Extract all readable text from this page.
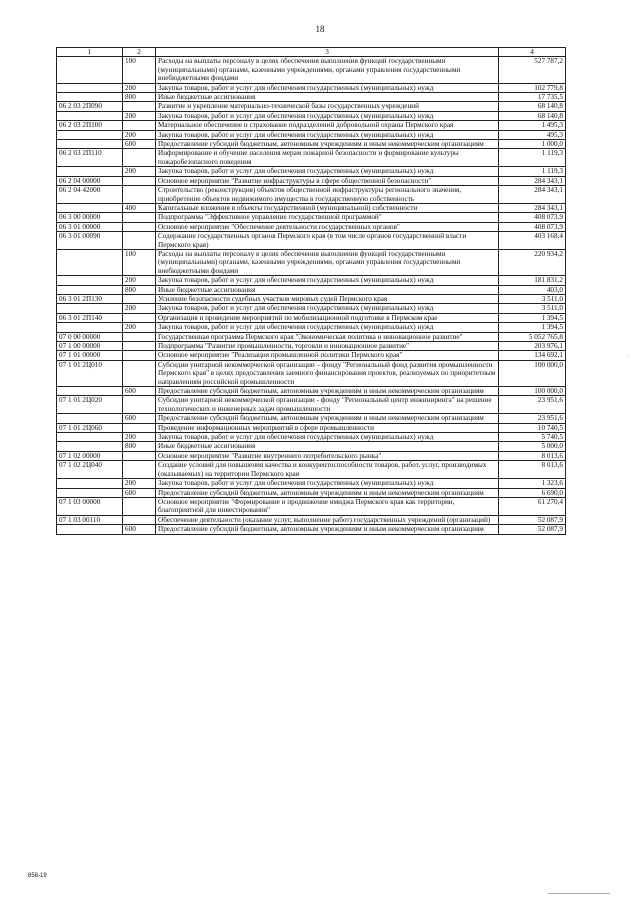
18
1	2	3	4
	100	Расходы на выплаты персоналу в целях обеспечения выполнения функций государственными (муниципальными) органами, казенными учреждениями, органами управления государственными внебюджетными фондами	527 787,2
	200	Закупка товаров, работ и услуг для обеспечения государственных (муниципальных) нужд	102 779,8
	800	Иные бюджетные ассигнования	17 735,5
06 2 03 2П090		Развитие и укрепление материально-технической базы государственных учреждений	68 140,8
	200	Закупка товаров, работ и услуг для обеспечения государственных (муниципальных) нужд	68 140,8
06 2 03 2П100		Материальное обеспечение и страхование подразделений добровольной охраны Пермского края	1 495,3
	200	Закупка товаров, работ и услуг для обеспечения государственных (муниципальных) нужд	495,3
	600	Предоставление субсидий бюджетным, автономным учреждениям и иным некоммерческим организациям	1 000,0
06 2 03 2П110		Информирование и обучение населения мерам пожарной безопасности и формирование культуры пожаробезопасного поведения	1 119,3
	200	Закупка товаров, работ и услуг для обеспечения государственных (муниципальных) нужд	1 119,3
06 2 04 00000		Основное мероприятие "Развитие инфраструктуры в сфере общественной безопасности"	284 343,1
06 2 04 42000		Строительство (реконструкция) объектов общественной инфраструктуры регионального значения, приобретение объектов недвижимого имущества в государственную собственность	284 343,1
	400	Капитальные вложения в объекты государственной (муниципальной) собственности	284 343,1
06 3 00 00000		Подпрограмма "Эффективное управление государственной программой"	408 073,9
06 3 01 00000		Основное мероприятие "Обеспечение деятельности государственных органов"	408 073,9
06 3 01 00090		Содержание государственных органов Пермского края (в том числе органов государственной власти Пермского края)	403 168,4
	100	Расходы на выплаты персоналу в целях обеспечения выполнения функций государственными (муниципальными) органами, казенными учреждениями, органами управления государственными внебюджетными фондами	220 934,2
	200	Закупка товаров, работ и услуг для обеспечения государственных (муниципальных) нужд	181 831,2
	800	Иные бюджетные ассигнования	403,0
06 3 01 2П130		Усиление безопасности судебных участков мировых судей Пермского края	3 511,0
	200	Закупка товаров, работ и услуг для обеспечения государственных (муниципальных) нужд	3 511,0
06 3 01 2П140		Организация и проведение мероприятий по мобилизационной подготовке в Пермском крае	1 394,5
	200	Закупка товаров, работ и услуг для обеспечения государственных (муниципальных) нужд	1 394,5
07 0 00 00000		Государственная программа Пермского края "Экономическая политика и инновационное развитие"	5 052 765,8
07 1 00 00000		Подпрограмма "Развитие промышленности, торговли и инновационное развитие"	203 976,1
07 1 01 00000		Основное мероприятие "Реализация промышленной политики Пермского края"	134 692,1
07 1 01 2Ц010		Субсидии унитарной некоммерческой организации – фонду "Региональный фонд развития промышленности Пермского края" в целях предоставления заемного финансирования проектов, реализуемых по приоритетным направлениям российской промышленности	100 000,0
	600	Предоставление субсидий бюджетным, автономным учреждениям и иным некоммерческим организациям	100 000,0
07 1 01 2Ц020		Субсидии унитарной некоммерческой организации - фонду "Региональный центр инжиниринга" на решение технологических и инженерных задач промышленности	23 951,6
	600	Предоставление субсидий бюджетным, автономным учреждениям и иным некоммерческим организациям	23 951,6
07 1 01 2Ц060		Проведение информационных мероприятий в сфере промышленности	10 740,5
	200	Закупка товаров, работ и услуг для обеспечения государственных (муниципальных) нужд	5 740,5
	800	Иные бюджетные ассигнования	5 000,0
07 1 02 00000		Основное мероприятие "Развитие внутреннего потребительского рынка"	8 013,6
07 1 02 2Ц040		Создание условий для повышения качества и конкурентоспособности товаров, работ, услуг, производимых (оказываемых) на территории Пермского края	8 013,6
	200	Закупка товаров, работ и услуг для обеспечения государственных (муниципальных) нужд	1 323,6
	600	Предоставление субсидий бюджетным, автономным учреждениям и иным некоммерческим организациям	6 690,0
07 1 03 00000		Основное мероприятие "Формирование и продвижение имиджа Пермского края как территории, благоприятной для инвестирования"	61 270,4
07 1 03 00110		Обеспечение деятельности (оказание услуг, выполнение работ) государственных учреждений (организаций)	52 087,9
	600	Предоставление субсидий бюджетным, автономным учреждениям и иным некоммерческим организациям	52 087,9
·
858-19
